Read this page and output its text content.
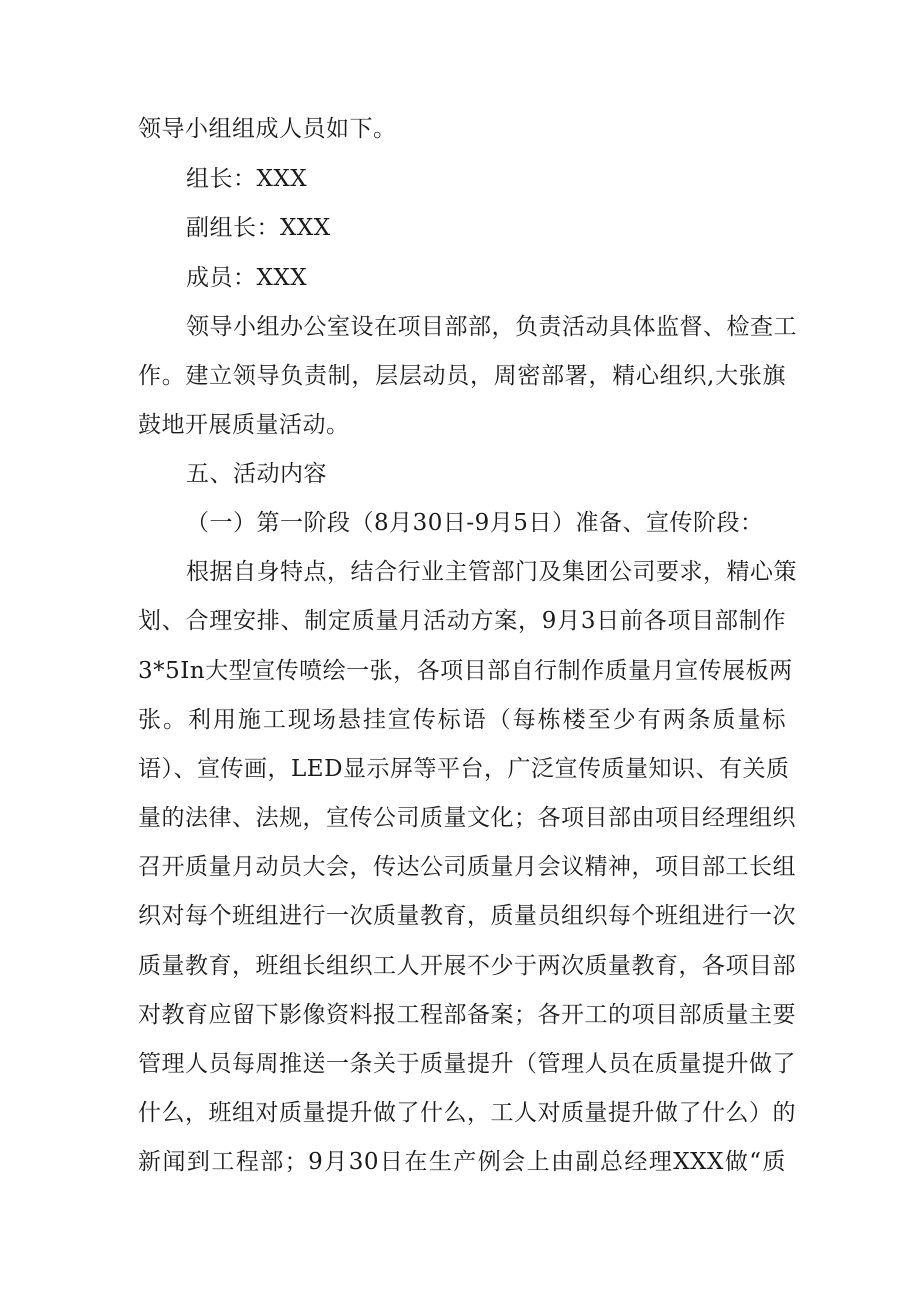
领导小组组成人员如下。
组长：XXX
副组长：XXX
成员：XXX
领导小组办公室设在项目部部，负责活动具体监督、检查工
作。建立领导负责制，层层动员，周密部署，精心组织,大张旗
鼓地开展质量活动。
五、活动内容
（一）第一阶段（8月30日-9月5日）准备、宣传阶段：
根据自身特点，结合行业主管部门及集团公司要求，精心策
划、合理安排、制定质量月活动方案，9月3日前各项目部制作
3*5In大型宣传喷绘一张，各项目部自行制作质量月宣传展板两
张。利用施工现场悬挂宣传标语（每栋楼至少有两条质量标
语）、宣传画，LED显示屏等平台，广泛宣传质量知识、有关质
量的法律、法规，宣传公司质量文化；各项目部由项目经理组织
召开质量月动员大会，传达公司质量月会议精神，项目部工长组
织对每个班组进行一次质量教育，质量员组织每个班组进行一次
质量教育，班组长组织工人开展不少于两次质量教育，各项目部
对教育应留下影像资料报工程部备案；各开工的项目部质量主要
管理人员每周推送一条关于质量提升（管理人员在质量提升做了
什么，班组对质量提升做了什么，工人对质量提升做了什么）的
新闻到工程部；9月30日在生产例会上由副总经理XXX做“质
